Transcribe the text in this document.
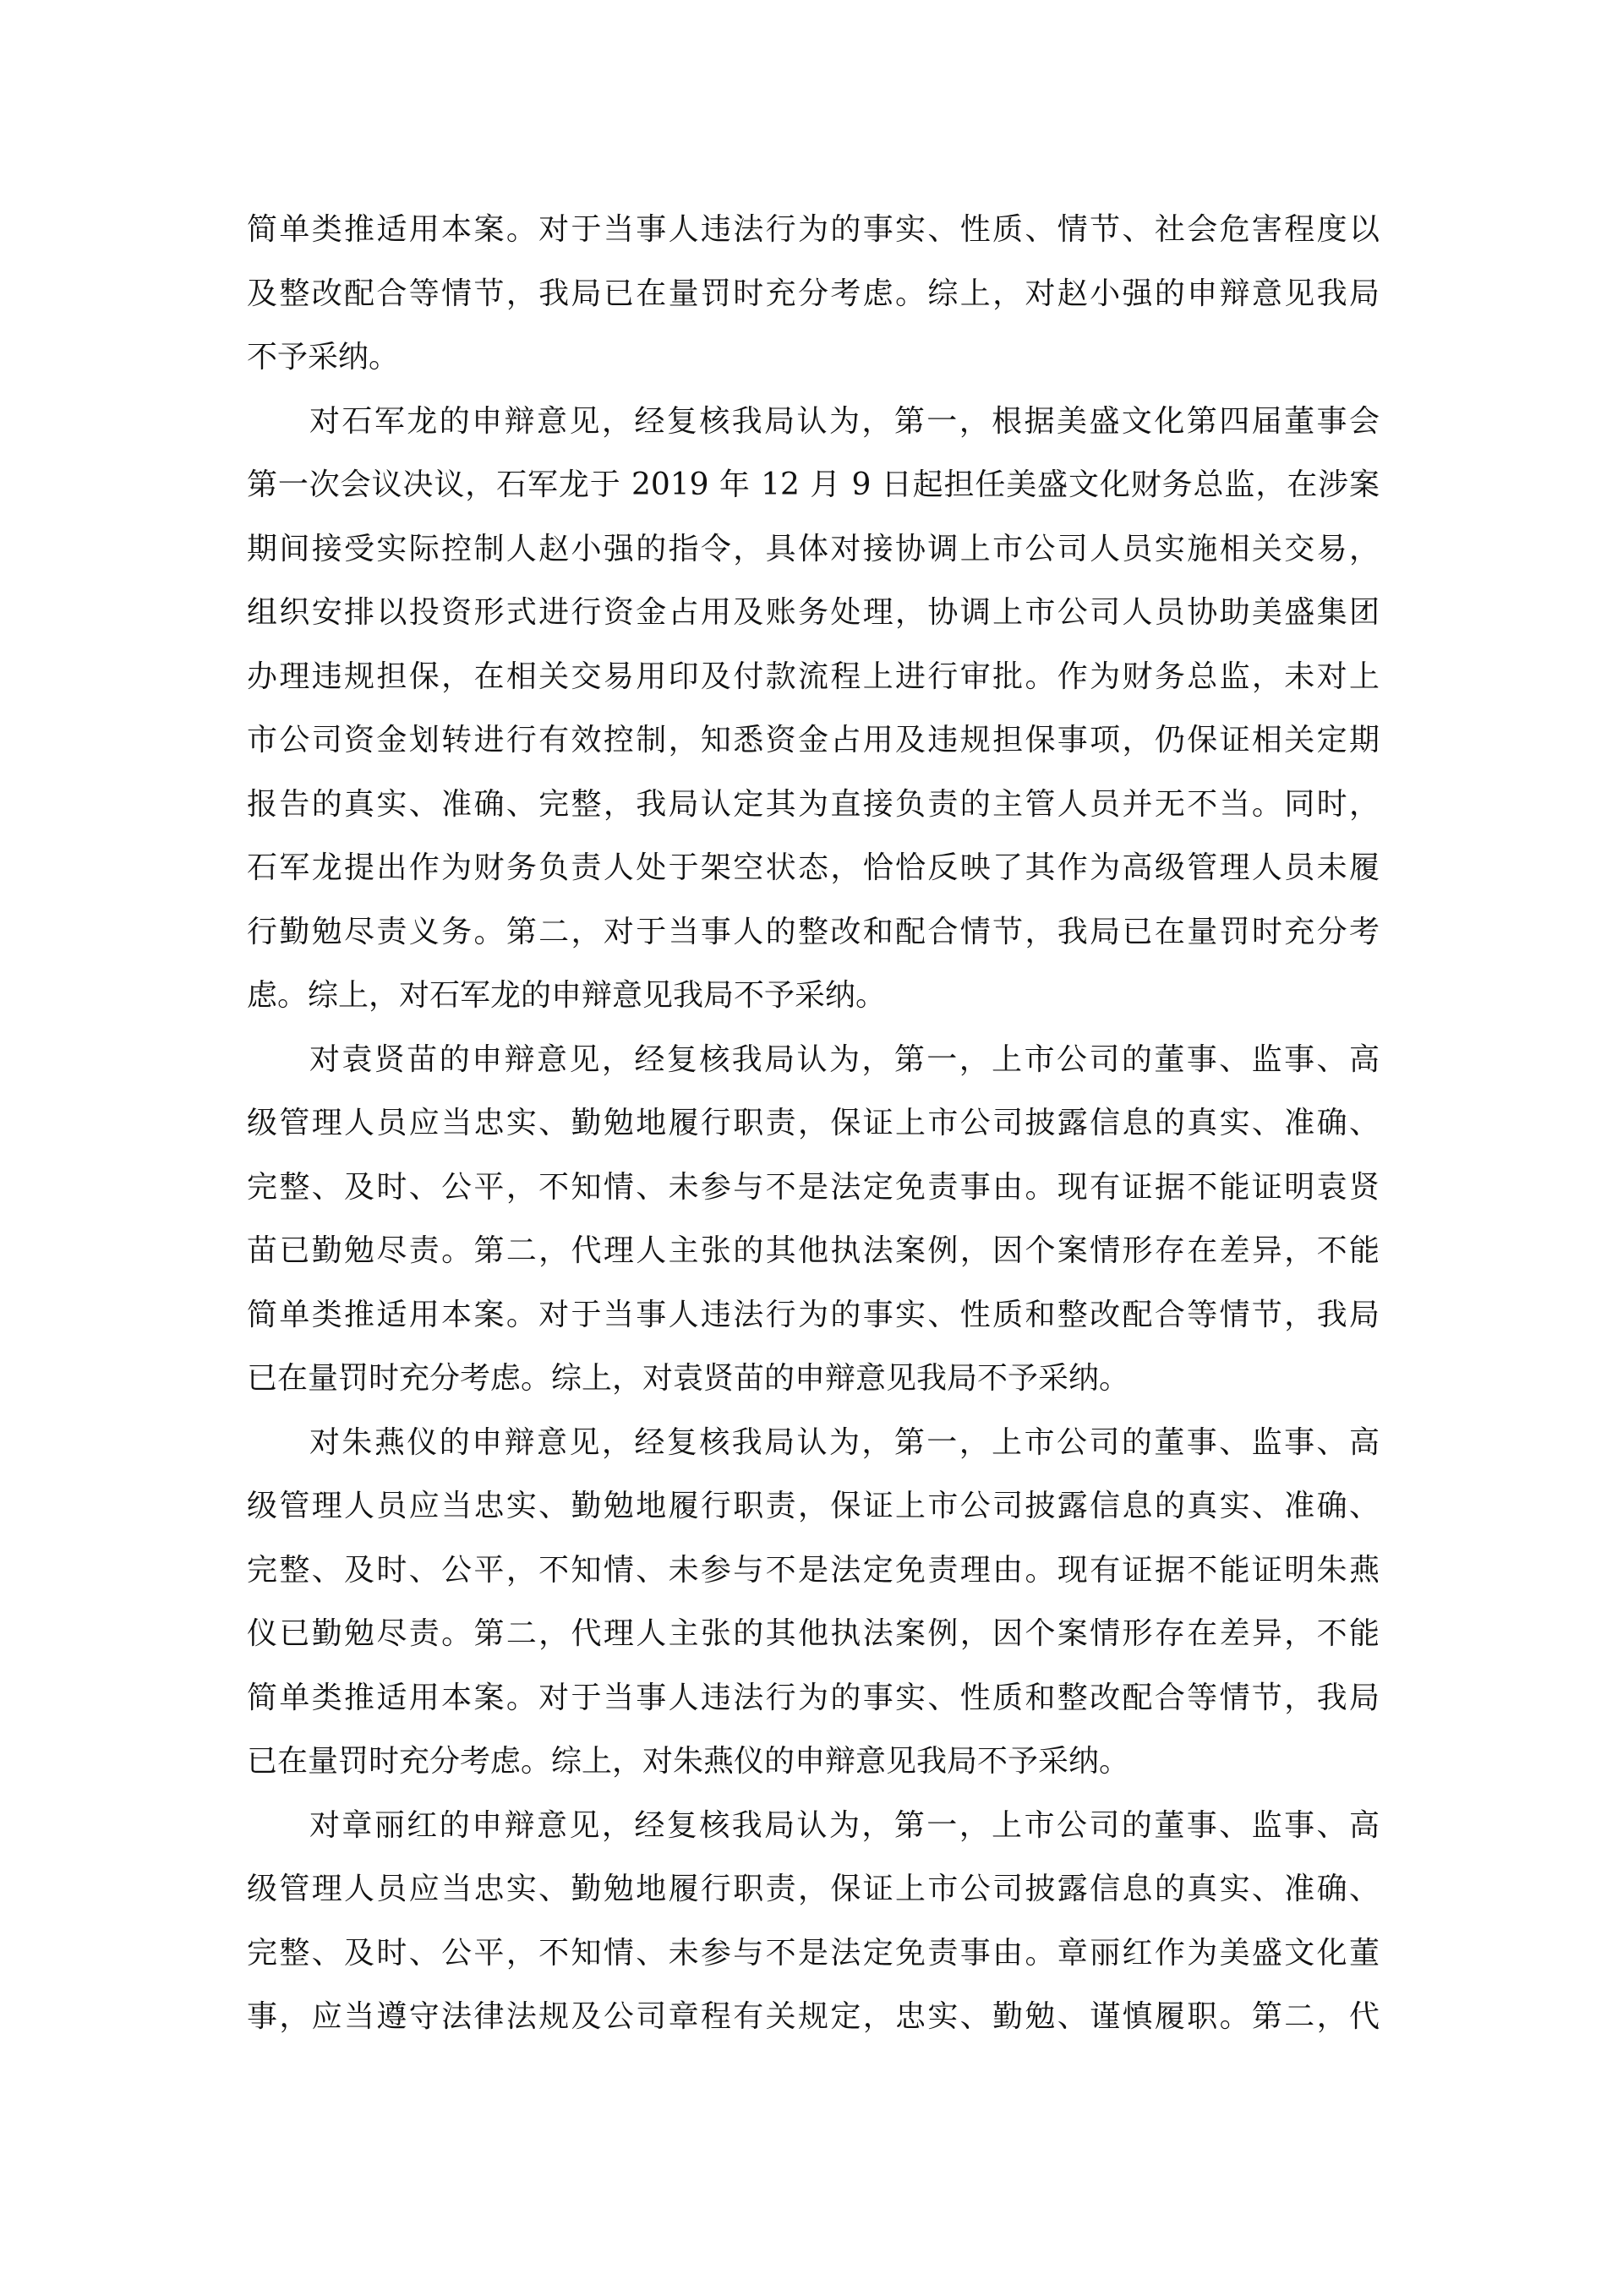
简单类推适用本案。对于当事人违法行为的事实、性质、情节、社会危害程度以
及整改配合等情节，我局已在量罚时充分考虑。综上，对赵小强的申辩意见我局
不予采纳。
对石军龙的申辩意见，经复核我局认为，第一，根据美盛文化第四届董事会
第一次会议决议，石军龙于 2019 年 12 月 9 日起担任美盛文化财务总监，在涉案
期间接受实际控制人赵小强的指令，具体对接协调上市公司人员实施相关交易，
组织安排以投资形式进行资金占用及账务处理，协调上市公司人员协助美盛集团
办理违规担保，在相关交易用印及付款流程上进行审批。作为财务总监，未对上
市公司资金划转进行有效控制，知悉资金占用及违规担保事项，仍保证相关定期
报告的真实、准确、完整，我局认定其为直接负责的主管人员并无不当。同时，
石军龙提出作为财务负责人处于架空状态，恰恰反映了其作为高级管理人员未履
行勤勉尽责义务。第二，对于当事人的整改和配合情节，我局已在量罚时充分考
虑。综上，对石军龙的申辩意见我局不予采纳。
对袁贤苗的申辩意见，经复核我局认为，第一，上市公司的董事、监事、高
级管理人员应当忠实、勤勉地履行职责，保证上市公司披露信息的真实、准确、
完整、及时、公平，不知情、未参与不是法定免责事由。现有证据不能证明袁贤
苗已勤勉尽责。第二，代理人主张的其他执法案例，因个案情形存在差异，不能
简单类推适用本案。对于当事人违法行为的事实、性质和整改配合等情节，我局
已在量罚时充分考虑。综上，对袁贤苗的申辩意见我局不予采纳。
对朱燕仪的申辩意见，经复核我局认为，第一，上市公司的董事、监事、高
级管理人员应当忠实、勤勉地履行职责，保证上市公司披露信息的真实、准确、
完整、及时、公平，不知情、未参与不是法定免责理由。现有证据不能证明朱燕
仪已勤勉尽责。第二，代理人主张的其他执法案例，因个案情形存在差异，不能
简单类推适用本案。对于当事人违法行为的事实、性质和整改配合等情节，我局
已在量罚时充分考虑。综上，对朱燕仪的申辩意见我局不予采纳。
对章丽红的申辩意见，经复核我局认为，第一，上市公司的董事、监事、高
级管理人员应当忠实、勤勉地履行职责，保证上市公司披露信息的真实、准确、
完整、及时、公平，不知情、未参与不是法定免责事由。章丽红作为美盛文化董
事，应当遵守法律法规及公司章程有关规定，忠实、勤勉、谨慎履职。第二，代
